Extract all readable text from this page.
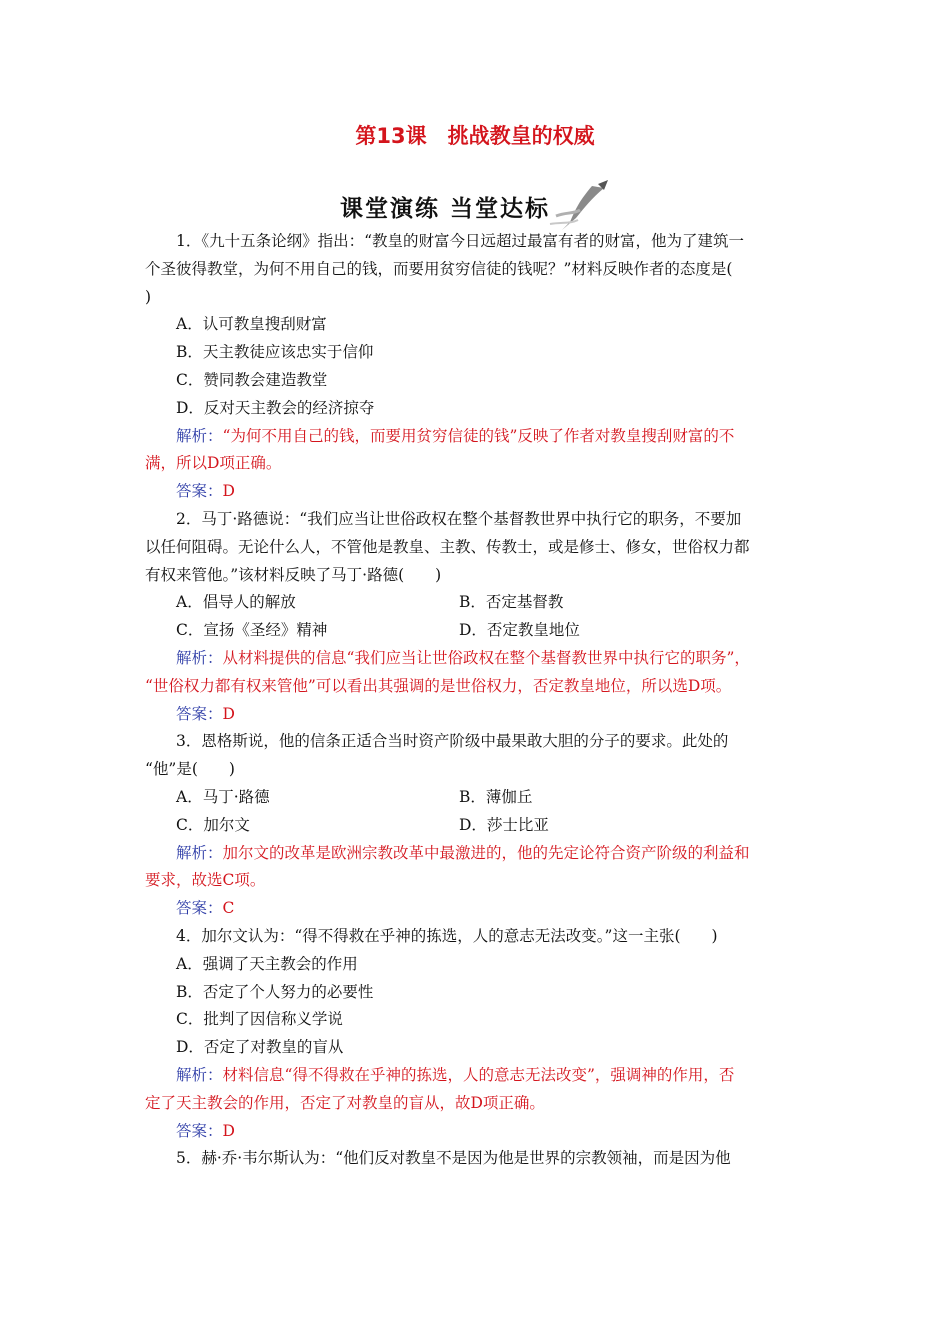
第13课　挑战教皇的权威
课堂演练 当堂达标

1．《九十五条论纲》指出：“教皇的财富今日远超过最富有者的财富，他为了建筑一

个圣彼得教堂，为何不用自己的钱，而要用贫穷信徒的钱呢？”材料反映作者的态度是(

)

A．认可教皇搜刮财富

B．天主教徒应该忠实于信仰

C．赞同教会建造教堂

D．反对天主教会的经济掠夺

解析：“为何不用自己的钱，而要用贫穷信徒的钱”反映了作者对教皇搜刮财富的不

满，所以D项正确。

答案：D

2．马丁·路德说：“我们应当让世俗政权在整个基督教世界中执行它的职务，不要加

以任何阻碍。无论什么人，不管他是教皇、主教、传教士，或是修士、修女，世俗权力都

有权来管他。”该材料反映了马丁·路德(　　)

A．倡导人的解放	B．否定基督教
C．宣扬《圣经》精神	D．否定教皇地位

解析：从材料提供的信息“我们应当让世俗政权在整个基督教世界中执行它的职务”，

“世俗权力都有权来管他”可以看出其强调的是世俗权力，否定教皇地位，所以选D项。

答案：D

3．恩格斯说，他的信条正适合当时资产阶级中最果敢大胆的分子的要求。此处的

“他”是(　　)

A．马丁·路德	B．薄伽丘
C．加尔文	D．莎士比亚

解析：加尔文的改革是欧洲宗教改革中最激进的，他的先定论符合资产阶级的利益和

要求，故选C项。

答案：C

4．加尔文认为：“得不得救在乎神的拣选，人的意志无法改变。”这一主张(　　)

A．强调了天主教会的作用

B．否定了个人努力的必要性

C．批判了因信称义学说

D．否定了对教皇的盲从

解析：材料信息“得不得救在乎神的拣选，人的意志无法改变”，强调神的作用，否

定了天主教会的作用，否定了对教皇的盲从，故D项正确。

答案：D

5．赫·乔·韦尔斯认为：“他们反对教皇不是因为他是世界的宗教领袖，而是因为他
